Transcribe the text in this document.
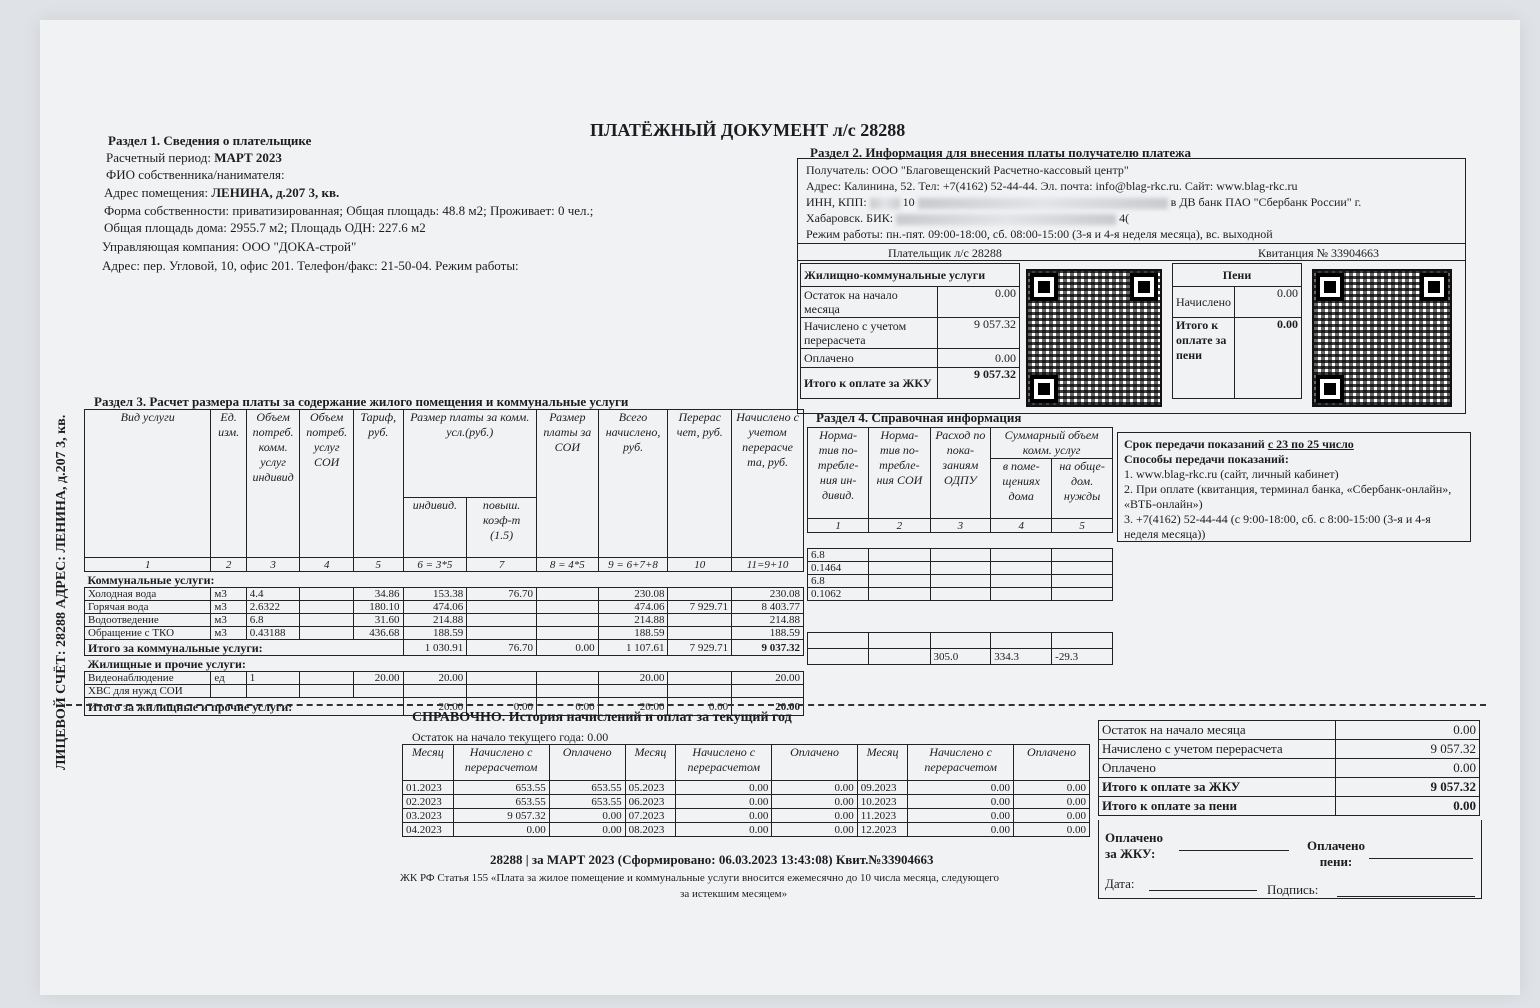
ЛИЦЕВОЙ СЧЁТ: 28288 АДРЕС: ЛЕНИНА, д.207 3, кв.
ПЛАТЁЖНЫЙ ДОКУМЕНТ л/с 28288
Раздел 1. Сведения о плательщике
Расчетный период: МАРТ 2023
ФИО собственника/нанимателя:
Адрес помещения: ЛЕНИНА, д.207 3, кв.
Форма собственности: приватизированная; Общая площадь: 48.8 м2; Проживает: 0 чел.;
Общая площадь дома: 2955.7 м2; Площадь ОДН: 227.6 м2
Управляющая компания: ООО "ДОКА-строй"
Адрес: пер. Угловой, 10, офис 201. Телефон/факс: 21-50-04. Режим работы:
Раздел 2. Информация для внесения платы получателю платежа
Получатель: ООО "Благовещенский Расчетно-кассовый центр"
Адрес: Калинина, 52. Тел: +7(4162) 52-44-44. Эл. почта: info@blag-rkc.ru. Сайт: www.blag-rkc.ru
ИНН, КПП:	10	в ДВ банк ПАО "Сбербанк России" г.
Хабаровск. БИК:	4(
Режим работы: пн.-пят. 09:00-18:00, сб. 08:00-15:00 (3-я и 4-я неделя месяца), вс. выходной
Плательщик л/с 28288	Квитанция № 33904663
Жилищно-коммунальные услуги	
Остаток на начало месяца	0.00
Начислено с учетом перерасчета	9 057.32
Оплачено	0.00
Итого к оплате за ЖКУ	9 057.32
Пени	
Начислено	0.00
Итого к оплате за пени	0.00
Раздел 3. Расчет размера платы за содержание жилого помещения и коммунальные услуги
Вид услуги	Ед. изм.	Объем потреб. комм. услуг индивид	Объем потреб. услуг СОИ	Тариф, руб.	Размер платы за комм. усл.(руб.)		Размер платы за СОИ	Всего начислено, руб.	Перерас чет, руб.	Начислено с учетом перерасче та, руб.
					индивид.	повыш. коэф-т (1.5)				
1	2	3	4	5	6 = 3*5	7	8 = 4*5	9 = 6+7+8	10	11=9+10
Коммунальные услуги:										
Холодная вода	м3	4.4		34.86	153.38	76.70		230.08		230.08
Горячая вода	м3	2.6322		180.10	474.06			474.06	7 929.71	8 403.77
Водоотведение	м3	6.8		31.60	214.88			214.88		214.88
Обращение с ТКО	м3	0.43188		436.68	188.59			188.59		188.59
Итого за коммунальные услуги:					1 030.91	76.70	0.00	1 107.61	7 929.71	9 037.32
Жилищные и прочие услуги:										
Видеонаблюдение	ед	1		20.00	20.00			20.00		20.00
ХВС для нужд СОИ										
Итого за жилищные и прочие услуги:					20.00	0.00	0.00	20.00	0.00	20.00
Раздел 4. Справочная информация
Норма-тив по-требле-ния ин-дивид.	Норма-тив по-требле-ния СОИ	Расход по пока-заниям ОДПУ	Суммарный объем комм. услуг	
			в поме-щениях дома	на обще-дом. нужды
1	2	3	4	5

6.8				
0.1464				
6.8				
0.1062				

		305.0	334.3	-29.3
Срок передачи показаний с 23 по 25 число
Способы передачи показаний:
1. www.blag-rkc.ru (сайт, личный кабинет)
2. При оплате (квитанция, терминал банка, «Сбербанк-онлайн», «ВТБ-онлайн»)
3. +7(4162) 52-44-44 (с 9:00-18:00, сб. с 8:00-15:00 (3-я и 4-я неделя месяца))
СПРАВОЧНО. История начислений и оплат за текущий год
Остаток на начало текущего года: 0.00
Месяц	Начислено с перерасчетом	Оплачено	Месяц	Начислено с перерасчетом	Оплачено	Месяц	Начислено с перерасчетом	Оплачено
01.2023	653.55	653.55	05.2023	0.00	0.00	09.2023	0.00	0.00
02.2023	653.55	653.55	06.2023	0.00	0.00	10.2023	0.00	0.00
03.2023	9 057.32	0.00	07.2023	0.00	0.00	11.2023	0.00	0.00
04.2023	0.00	0.00	08.2023	0.00	0.00	12.2023	0.00	0.00
28288 | за МАРТ 2023 (Сформировано: 06.03.2023 13:43:08) Квит.№33904663
ЖК РФ Статья 155 «Плата за жилое помещение и коммунальные услуги вносится ежемесячно до 10 числа месяца, следующего
за истекшим месяцем»
Остаток на начало месяца	0.00
Начислено с учетом перерасчета	9 057.32
Оплачено	0.00
Итого к оплате за ЖКУ	9 057.32
Итого к оплате за пени	0.00
Оплачено
за ЖКУ:
Оплачено
пени:
Дата:	Подпись:
